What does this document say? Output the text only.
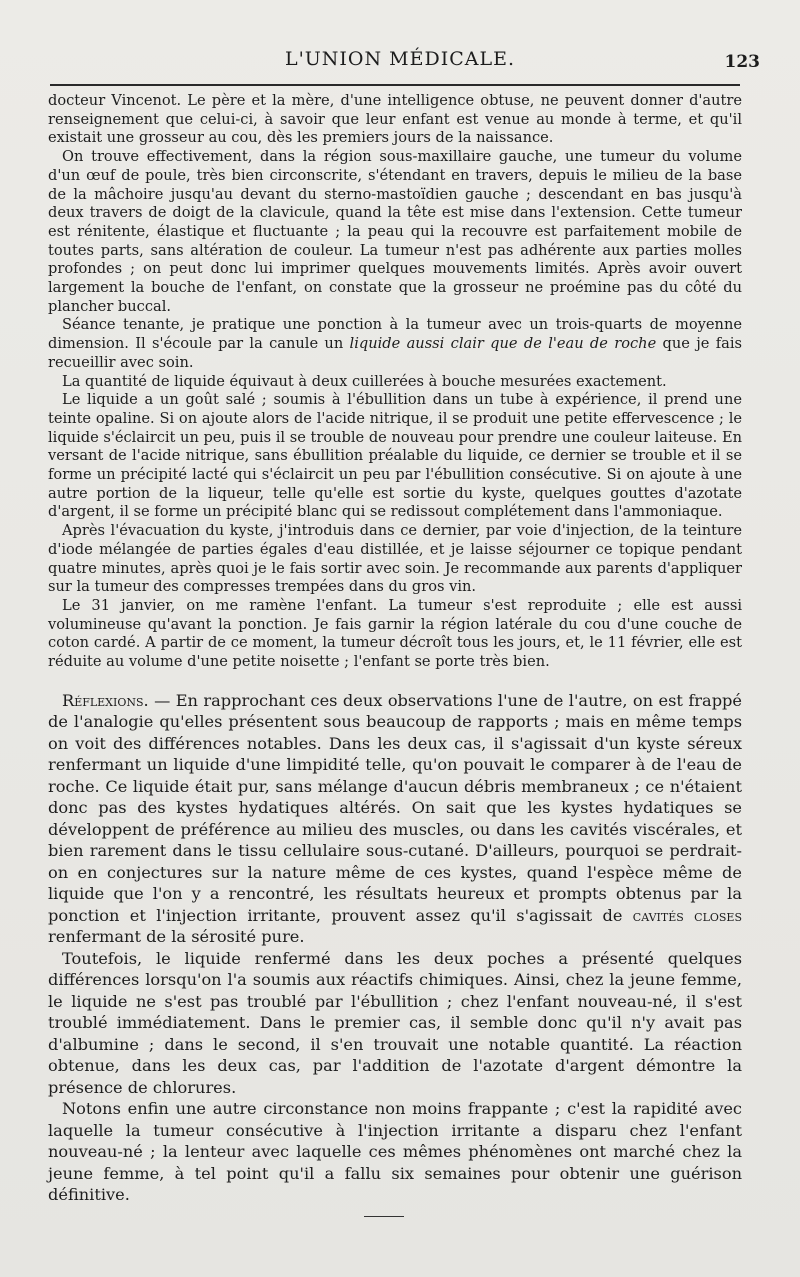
L'UNION MÉDICALE.	123

docteur Vincenot. Le père et la mère, d'une intelligence obtuse, ne peuvent donner d'autre renseignement que celui-ci, à savoir que leur enfant est venue au monde à terme, et qu'il existait une grosseur au cou, dès les premiers jours de la naissance.

On trouve effectivement, dans la région sous-maxillaire gauche, une tumeur du volume d'un œuf de poule, très bien circonscrite, s'étendant en travers, depuis le milieu de la base de la mâchoire jusqu'au devant du sterno-mastoïdien gauche ; descendant en bas jusqu'à deux travers de doigt de la clavicule, quand la tête est mise dans l'extension. Cette tumeur est rénitente, élastique et fluctuante ; la peau qui la recouvre est parfaitement mobile de toutes parts, sans altération de couleur. La tumeur n'est pas adhérente aux parties molles profondes ; on peut donc lui imprimer quelques mouvements limités. Après avoir ouvert largement la bouche de l'enfant, on constate que la grosseur ne proémine pas du côté du plancher buccal.

Séance tenante, je pratique une ponction à la tumeur avec un trois-quarts de moyenne dimension. Il s'écoule par la canule un liquide aussi clair que de l'eau de roche que je fais recueillir avec soin.

La quantité de liquide équivaut à deux cuillerées à bouche mesurées exactement.

Le liquide a un goût salé ; soumis à l'ébullition dans un tube à expérience, il prend une teinte opaline. Si on ajoute alors de l'acide nitrique, il se produit une petite effervescence ; le liquide s'éclaircit un peu, puis il se trouble de nouveau pour prendre une couleur laiteuse. En versant de l'acide nitrique, sans ébullition préalable du liquide, ce dernier se trouble et il se forme un précipité lacté qui s'éclaircit un peu par l'ébullition consécutive. Si on ajoute à une autre portion de la liqueur, telle qu'elle est sortie du kyste, quelques gouttes d'azotate d'argent, il se forme un précipité blanc qui se redissout complétement dans l'ammoniaque.

Après l'évacuation du kyste, j'introduis dans ce dernier, par voie d'injection, de la teinture d'iode mélangée de parties égales d'eau distillée, et je laisse séjourner ce topique pendant quatre minutes, après quoi je le fais sortir avec soin. Je recommande aux parents d'appliquer sur la tumeur des compresses trempées dans du gros vin.

Le 31 janvier, on me ramène l'enfant. La tumeur s'est reproduite ; elle est aussi volumineuse qu'avant la ponction. Je fais garnir la région latérale du cou d'une couche de coton cardé. A partir de ce moment, la tumeur décroît tous les jours, et, le 11 février, elle est réduite au volume d'une petite noisette ; l'enfant se porte très bien.

Réflexions. — En rapprochant ces deux observations l'une de l'autre, on est frappé de l'analogie qu'elles présentent sous beaucoup de rapports ; mais en même temps on voit des différences notables. Dans les deux cas, il s'agissait d'un kyste séreux renfermant un liquide d'une limpidité telle, qu'on pouvait le comparer à de l'eau de roche. Ce liquide était pur, sans mélange d'aucun débris membraneux ; ce n'étaient donc pas des kystes hydatiques altérés. On sait que les kystes hydatiques se développent de préférence au milieu des muscles, ou dans les cavités viscérales, et bien rarement dans le tissu cellulaire sous-cutané. D'ailleurs, pourquoi se perdrait-on en conjectures sur la nature même de ces kystes, quand l'espèce même de liquide que l'on y a rencontré, les résultats heureux et prompts obtenus par la ponction et l'injection irritante, prouvent assez qu'il s'agissait de cavités closes renfermant de la sérosité pure.

Toutefois, le liquide renfermé dans les deux poches a présenté quelques différences lorsqu'on l'a soumis aux réactifs chimiques. Ainsi, chez la jeune femme, le liquide ne s'est pas troublé par l'ébullition ; chez l'enfant nouveau-né, il s'est troublé immédiatement. Dans le premier cas, il semble donc qu'il n'y avait pas d'albumine ; dans le second, il s'en trouvait une notable quantité. La réaction obtenue, dans les deux cas, par l'addition de l'azotate d'argent démontre la présence de chlorures.

Notons enfin une autre circonstance non moins frappante ; c'est la rapidité avec laquelle la tumeur consécutive à l'injection irritante a disparu chez l'enfant nouveau-né ; la lenteur avec laquelle ces mêmes phénomènes ont marché chez la jeune femme, à tel point qu'il a fallu six semaines pour obtenir une guérison définitive.
